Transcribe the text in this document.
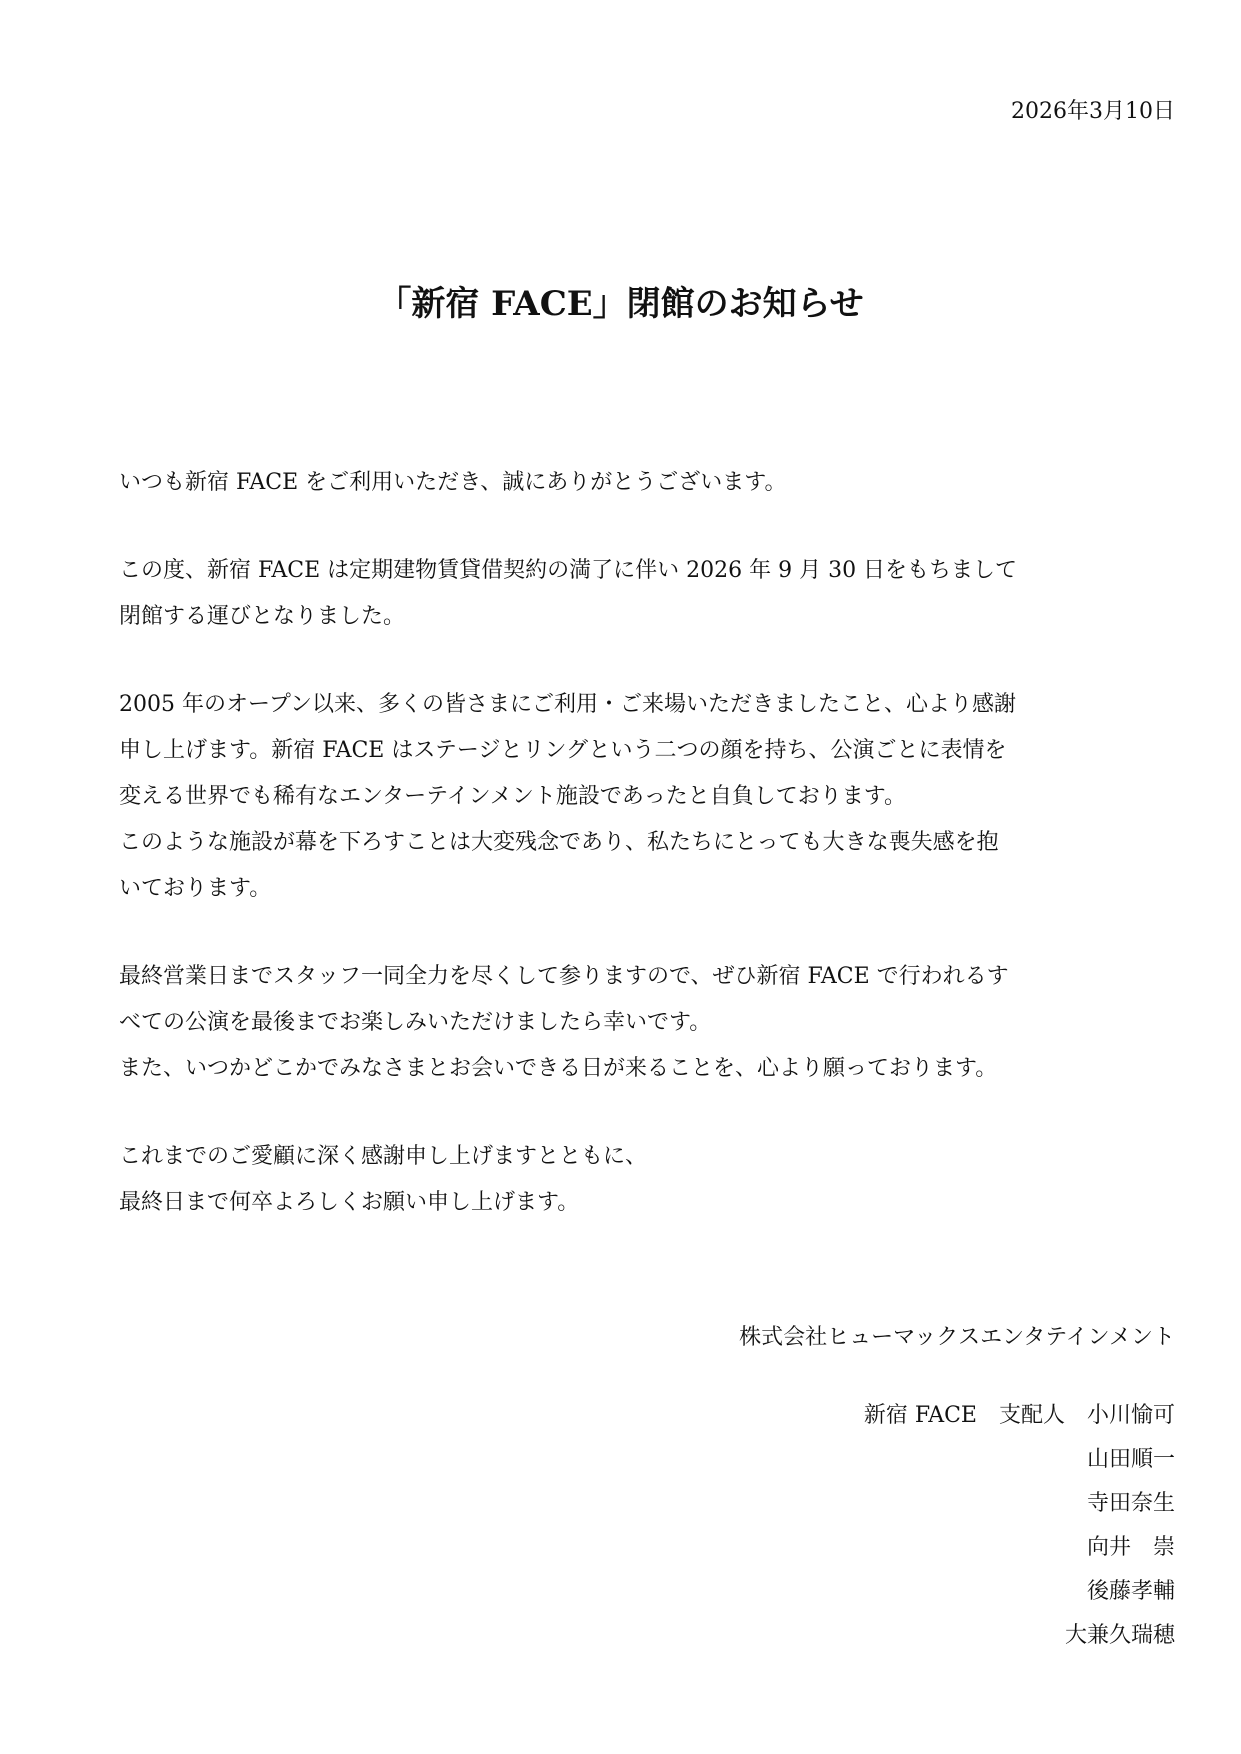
2026年3月10日
「新宿 FACE」閉館のお知らせ
いつも新宿 FACE をご利用いただき、誠にありがとうございます。
この度、新宿 FACE は定期建物賃貸借契約の満了に伴い 2026 年 9 月 30 日をもちまして
閉館する運びとなりました。
2005 年のオープン以来、多くの皆さまにご利用・ご来場いただきましたこと、心より感謝
申し上げます。新宿 FACE はステージとリングという二つの顔を持ち、公演ごとに表情を
変える世界でも稀有なエンターテインメント施設であったと自負しております。
このような施設が幕を下ろすことは大変残念であり、私たちにとっても大きな喪失感を抱
いております。
最終営業日までスタッフ一同全力を尽くして参りますので、ぜひ新宿 FACE で行われるす
べての公演を最後までお楽しみいただけましたら幸いです。
また、いつかどこかでみなさまとお会いできる日が来ることを、心より願っております。
これまでのご愛顧に深く感謝申し上げますとともに、
最終日まで何卒よろしくお願い申し上げます。
株式会社ヒューマックスエンタテインメント
新宿 FACE　支配人　小川愉可
山田順一
寺田奈生
向井　崇
後藤孝輔
大兼久瑞穂
